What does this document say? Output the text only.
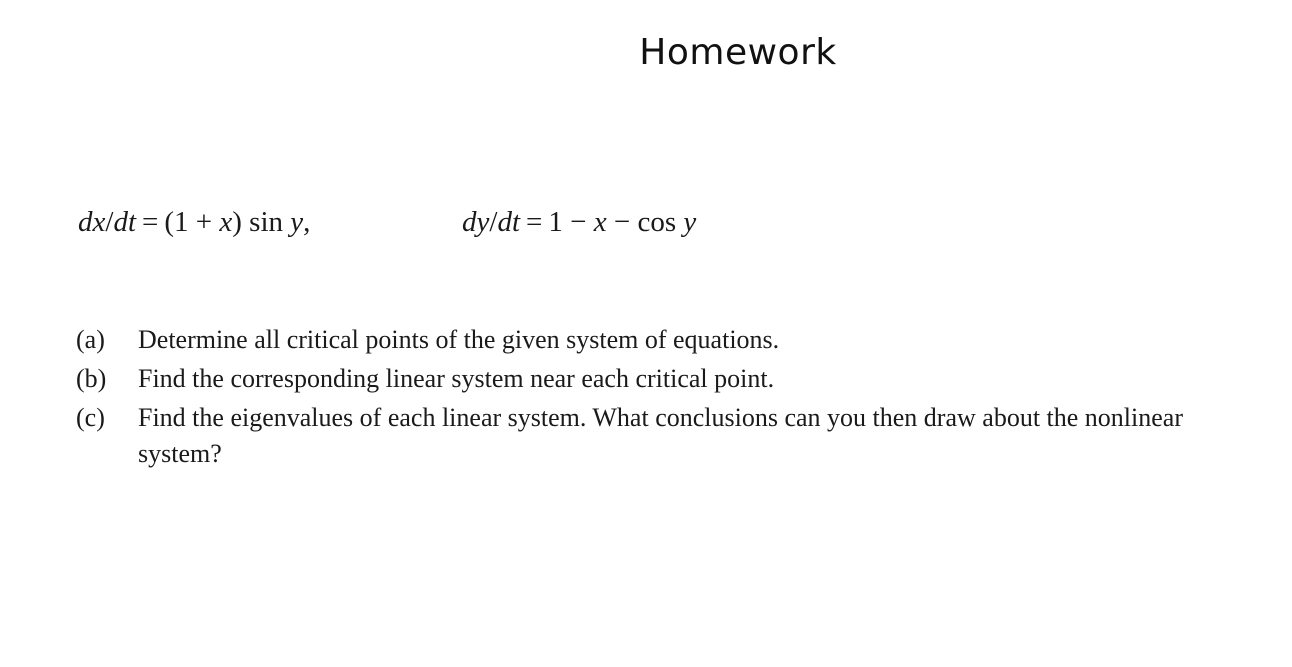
Homework
dx/dt = (1 + x) sin y,	dy/dt = 1 − x − cos y
(a)	Determine all critical points of the given system of equations.
(b)	Find the corresponding linear system near each critical point.
(c)	Find the eigenvalues of each linear system. What conclusions can you then draw about the nonlinear system?
